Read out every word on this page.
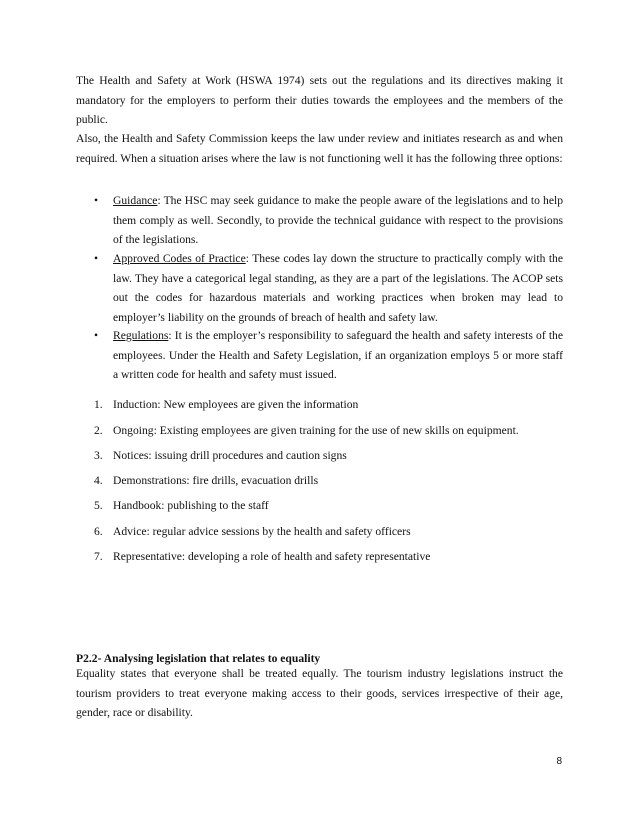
The Health and Safety at Work (HSWA 1974) sets out the regulations and its directives making it mandatory for the employers to perform their duties towards the employees and the members of the public.
Also, the Health and Safety Commission keeps the law under review and initiates research as and when required. When a situation arises where the law is not functioning well it has the following three options:
•	Guidance: The HSC may seek guidance to make the people aware of the legislations and to help them comply as well. Secondly, to provide the technical guidance with respect to the provisions of the legislations.
•	Approved Codes of Practice: These codes lay down the structure to practically comply with the law. They have a categorical legal standing, as they are a part of the legislations. The ACOP sets out the codes for hazardous materials and working practices when broken may lead to employer’s liability on the grounds of breach of health and safety law.
•	Regulations: It is the employer’s responsibility to safeguard the health and safety interests of the employees. Under the Health and Safety Legislation, if an organization employs 5 or more staff a written code for health and safety must issued.
1. Induction: New employees are given the information
2. Ongoing: Existing employees are given training for the use of new skills on equipment.
3. Notices: issuing drill procedures and caution signs
4. Demonstrations: fire drills, evacuation drills
5. Handbook: publishing to the staff
6. Advice: regular advice sessions by the health and safety officers
7. Representative: developing a role of health and safety representative
P2.2- Analysing legislation that relates to equality
Equality states that everyone shall be treated equally. The tourism industry legislations instruct the tourism providers to treat everyone making access to their goods, services irrespective of their age, gender, race or disability.
8
